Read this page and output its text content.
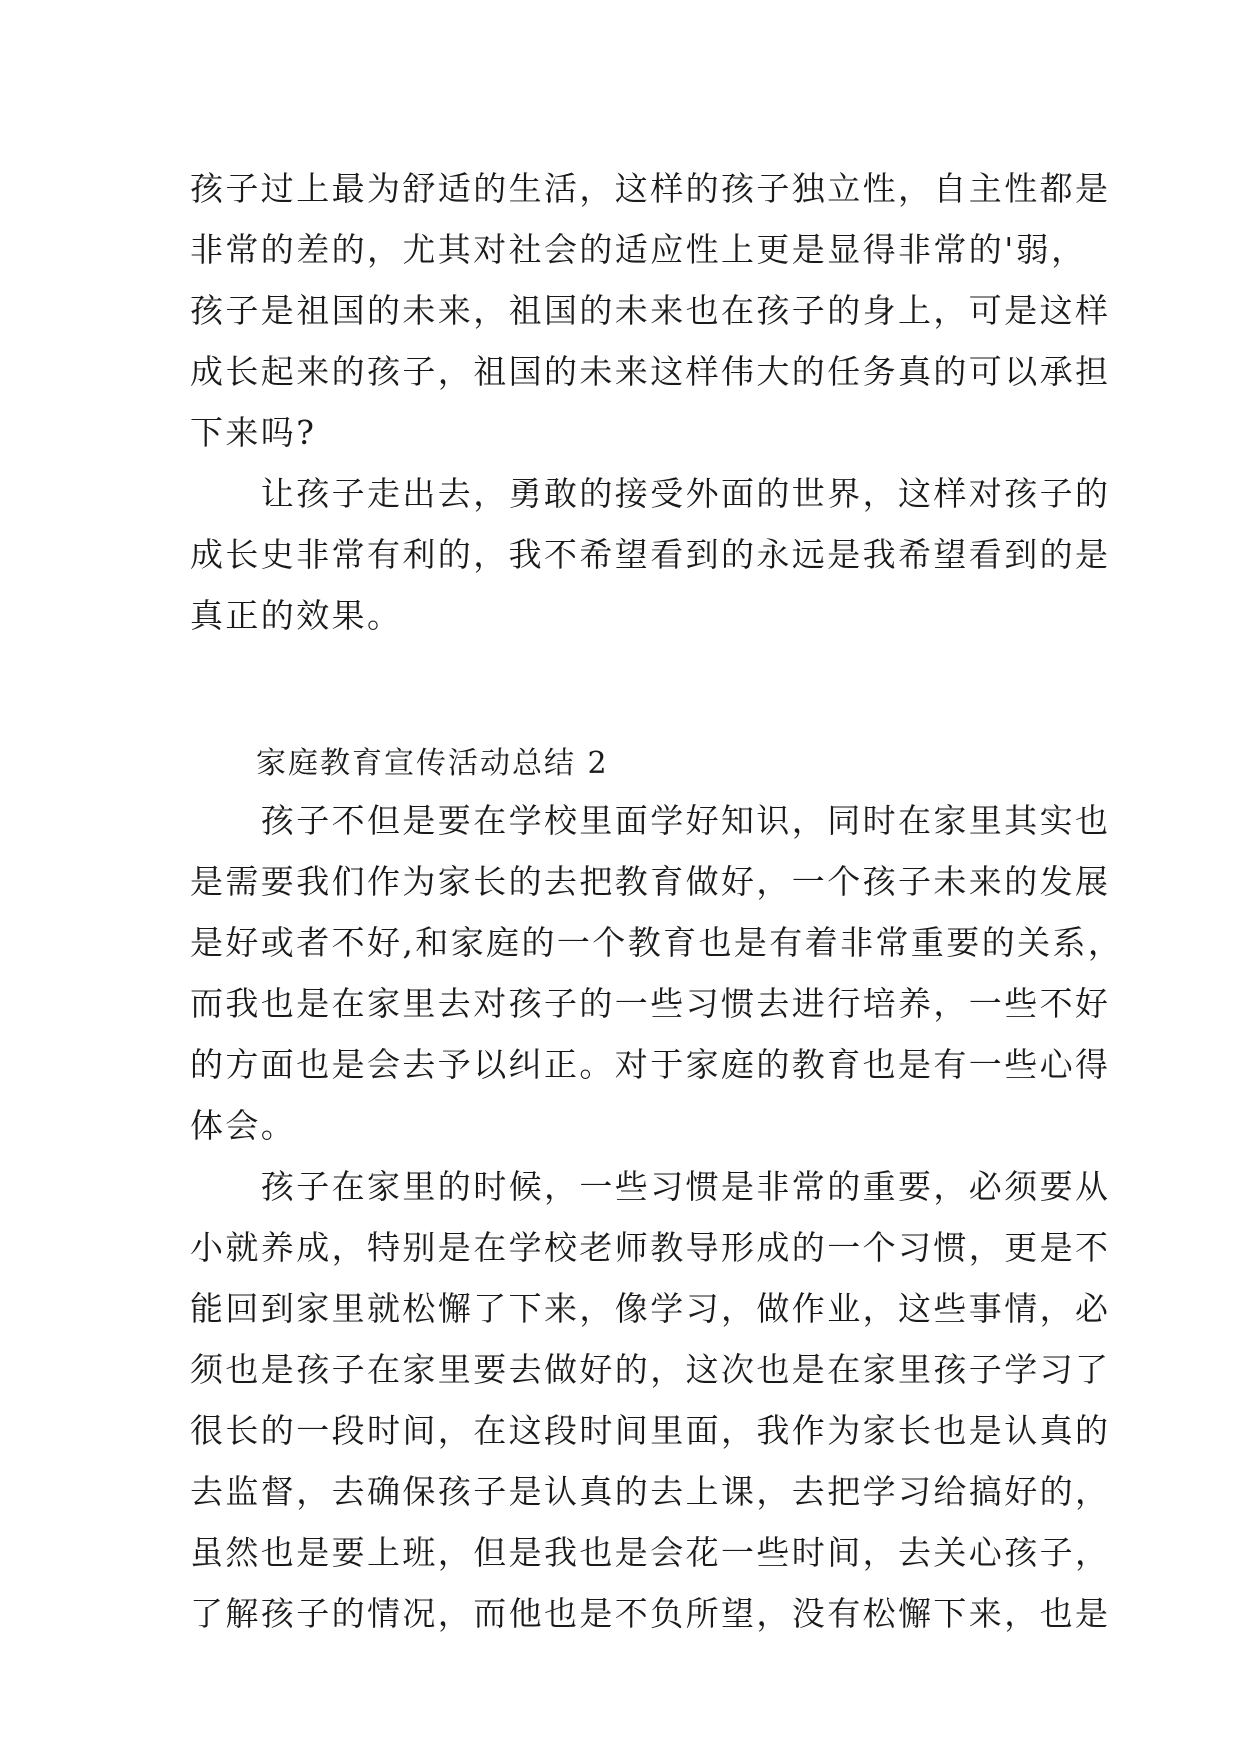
孩子过上最为舒适的生活，这样的孩子独立性，自主性都是
非常的差的，尤其对社会的适应性上更是显得非常的'弱，
孩子是祖国的未来，祖国的未来也在孩子的身上，可是这样
成长起来的孩子，祖国的未来这样伟大的任务真的可以承担
下来吗?
　　让孩子走出去，勇敢的接受外面的世界，这样对孩子的
成长史非常有利的，我不希望看到的永远是我希望看到的是
真正的效果。
家庭教育宣传活动总结 2
　　孩子不但是要在学校里面学好知识，同时在家里其实也
是需要我们作为家长的去把教育做好，一个孩子未来的发展
是好或者不好,和家庭的一个教育也是有着非常重要的关系，
而我也是在家里去对孩子的一些习惯去进行培养，一些不好
的方面也是会去予以纠正。对于家庭的教育也是有一些心得
体会。
　　孩子在家里的时候，一些习惯是非常的重要，必须要从
小就养成，特别是在学校老师教导形成的一个习惯，更是不
能回到家里就松懈了下来，像学习，做作业，这些事情，必
须也是孩子在家里要去做好的，这次也是在家里孩子学习了
很长的一段时间，在这段时间里面，我作为家长也是认真的
去监督，去确保孩子是认真的去上课，去把学习给搞好的，
虽然也是要上班，但是我也是会花一些时间，去关心孩子，
了解孩子的情况，而他也是不负所望，没有松懈下来，也是
